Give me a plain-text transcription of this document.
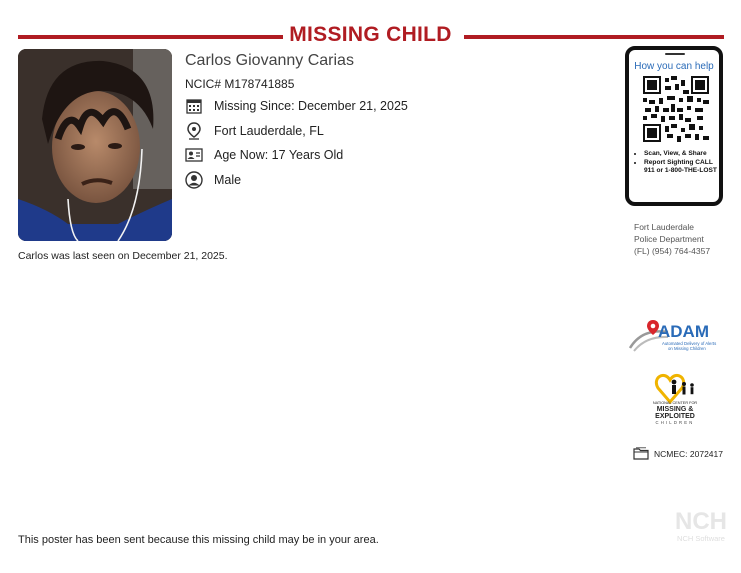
MISSING CHILD
Carlos Giovanny Carias
NCIC# M178741885
Missing Since: December 21, 2025
Fort Lauderdale, FL
Age Now: 17 Years Old
Male
Carlos was last seen on December 21, 2025.
How you can help
• Scan, View, & Share
• Report Sighting CALL 911 or 1-800-THE-LOST
Fort Lauderdale
Police Department
(FL) (954) 764-4357
ADAM
Automated Delivery of Alerts
on Missing Children
NATIONAL CENTER FOR
MISSING &
EXPLOITED
CHILDREN
NCMEC: 2072417
NCH
NCH Software
This poster has been sent because this missing child may be in your area.
